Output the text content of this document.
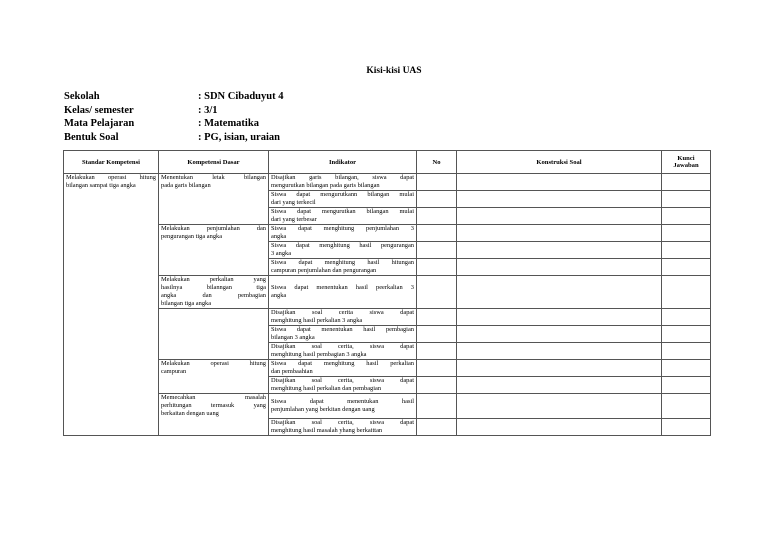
Kisi-kisi UAS
Sekolah	: SDN Cibaduyut 4
Kelas/ semester	: 3/1
Mata Pelajaran	: Matematika
Bentuk Soal	: PG, isian, uraian
Standar Kompetensi	Kompetensi Dasar	Indikator	No	Konstruksi Soal	Kunci
Jawaban

Melakukan operasi hitung
bilangan sampai tiga angka	Menentukan letak bilangan
pada garis bilangan	Disajikan garis bilangan, siswa dapat
mengurutkan bilangan pada garis bilangan			

		Siswa dapat mengurutkann bilangan mulai
dari yang terkecil			

		Siswa dapat mengurutkan bilangan mulai
dari yang terbesar			

	Melakukan penjumlahan dan
pengurangan tiga angka	Siswa dapat menghitung penjumlahan 3
angka			

		Siswa dapat menghitung hasil pengurangan
3 angka			

		Siswa dapat menghitung hasil hitungan
campuran penjumlahan dan pengurangan			

	Melakukan perkalian yang
hasilnya bilanngan tiga
angka dan pembagian
bilangan tiga angka	Siswa dapat menentukan hasil peerkalian 3
angka			

		Disajikan soal cerita siswa dapat
menghitung hasil perkalian 3 angka			

		Siswa dapat menentukan hasil pembagian
bilangan 3 angka			

		Disajikan soal cerita, siswa dapat
menghitung hasil pembagian 3 angka			

	Melakukan operasi hitung
campuran	Siswa dapat menghitung hasil perkalian
dan pembaahian			

		Disajikan soal cerita, siswa dapat
menghitung hasil perkalian dan pembagian			

	Memecahkan masalah
perhitungan termasuk yang
berkaitan dengan uang	Siswa dapat menentukan hasil
penjumlahan yang berkitan dengan uang			

		Disajikan soal cerita, siswa dapat
menghitung hasil masalah yhang berkaittan			
